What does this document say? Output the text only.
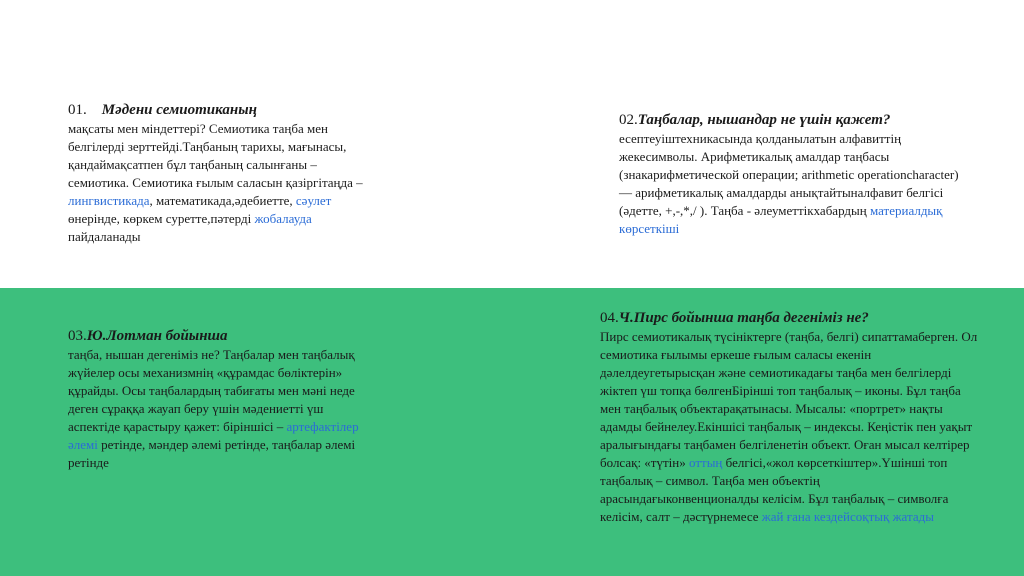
01. Мәдени семиотиканың
мақсаты мен міндеттері? Семиотика таңба мен белгілерді зерттейді.Таңбаның тарихы, мағынасы, қандаймақсатпен бұл таңбаның салынғаны –семиотика. Семиотика ғылым саласын қазіргітаңда – лингвистикада, математикада,әдебиетте, сәулет өнерінде, көркем суретте,пәтерді жобалауда пайдаланады
02.Таңбалар, нышандар не үшін қажет?
есептеуіштехникасында қолданылатын алфавиттің жекесимволы. Арифметикалық амалдар таңбасы (знакарифметической операции; arithmetic operationcharacter) — арифметикалық амалдарды анықтайтыналфавит белгісі (әдетте, +,-,*,/ ). Таңба - әлеуметтікхабардың материалдық көрсеткіші
03.Ю.Лотман бойынша
таңба, нышан дегеніміз не? Таңбалар мен таңбалық жүйелер осы механизмнің «құрамдас бөліктерін» құрайды. Осы таңбалардың табиғаты мен мәні неде деген сұраққа жауап беру үшін мәдениетті үш аспектіде қарастыру қажет: біріншісі – артефактілер әлемі ретінде, мәндер әлемі ретінде, таңбалар әлемі ретінде
04.Ч.Пирс бойынша таңба дегеніміз не?
Пирс семиотикалық түсініктерге (таңба, белгі) сипаттамаберген. Ол семиотика ғылымы еркеше ғылым саласы екенін дәлелдеугетырысқан және семиотикадағы таңба мен белгілерді жіктеп үш топқа бөлгенБірінші топ таңбалық – иконы. Бұл таңба мен таңбалық объектарақатынасы. Мысалы: «портрет» нақты адамды бейнелеу.Екіншісі таңбалық – индексы. Кеңістік пен уақыт аралығындағы таңбамен белгіленетін объект. Оған мысал келтірер болсақ: «түтін» оттың белгісі,«жол көрсеткіштер».Үшінші топ таңбалық – символ. Таңба мен объектің арасындағыконвенционалды келісім. Бұл таңбалық – символға келісім, салт – дәстүрнемесе жай ғана кездейсоқтық жатады
